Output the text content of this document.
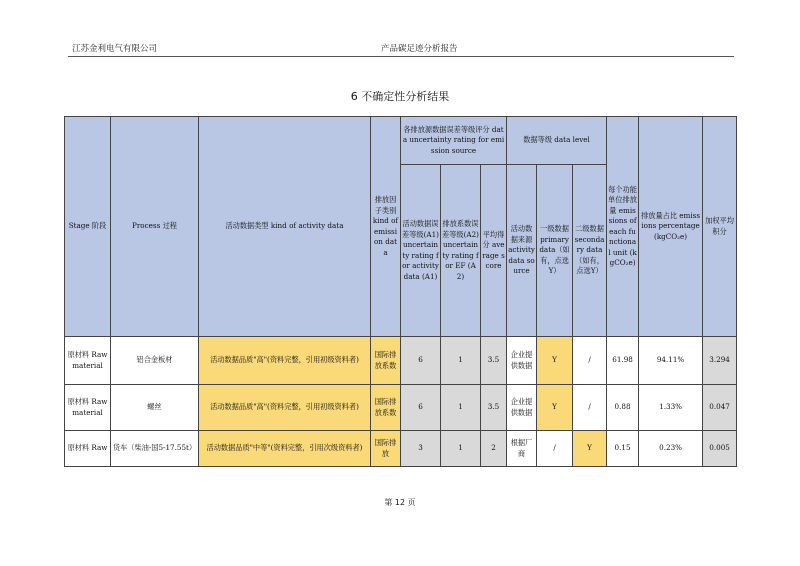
江苏金利电气有限公司	产品碳足迹分析报告
6 不确定性分析结果
Stage 阶段	Process 过程	活动数据类型 kind of activity data	排放因子类别 kind of emission data	各排放源数据误差等级评分 data uncertainty rating for emission source			数据等级 data level			每个功能单位排放量 emissions of each functional unit (kgCO₂e)	排放量占比 emissions percentage (kgCO₂e)	加权平均积分
				活动数据误差等级(A1) uncertainty rating for activity data (A1)	排放系数误差等级(A2) uncertainty rating for EF (A2)	平均得分 average score	活动数据来源 activity data source	一级数据 primary data（如有，点选Y）	二级数据 secondary data（如有，点选Y）			
原材料 Raw material	铝合金板材	活动数据品质"高"(资料完整，引用初级资料者)	国际排放系数	6	1	3.5	企业提供数据	Y	/	61.98	94.11%	3.294
原材料 Raw material	螺丝	活动数据品质"高"(资料完整，引用初级资料者)	国际排放系数	6	1	3.5	企业提供数据	Y	/	0.88	1.33%	0.047
原材料 Raw	货车（柴油-国5-17.55t）	活动数据品质"中等"(资料完整，引用次级资料者)	国际排放	3	1	2	根据厂商	/	Y	0.15	0.23%	0.005
第 12 页
